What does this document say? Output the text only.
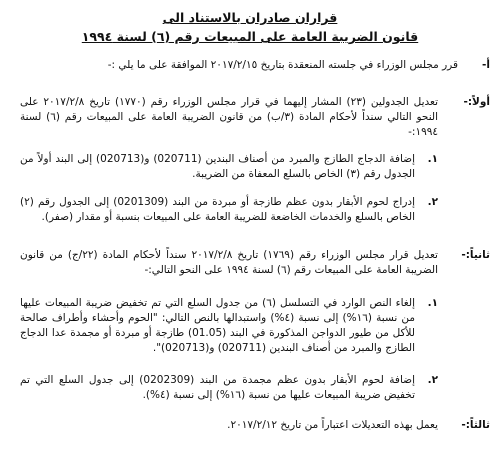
قراران صادران بالاستناد الى
قانون الضريبة العامة على المبيعات رقم (٦) لسنة ١٩٩٤
أ-
قرر مجلس الوزراء في جلسته المنعقدة بتاريخ ٢٠١٧/٢/١٥ الموافقة على ما يلي :-
أولاً:-
تعديل الجدولين (٢٣) المشار إليهما في قرار مجلس الوزراء رقم (١٧٧٠) تاريخ ٢٠١٧/٢/٨ على النحو التالي سنداً لأحكام المادة (٣/ب) من قانون الضريبة العامة على المبيعات رقم (٦) لسنة ١٩٩٤:-
١.
إضافة الدجاج الطازج والمبرد من أصناف البندين (020711) و(020713) إلى البند أولاً من الجدول رقم (٣) الخاص بالسلع المعفاة من الضريبة.
٢.
إدراج لحوم الأبقار بدون عظم طازجة أو مبردة من البند (0201309) إلى الجدول رقم (٢) الخاص بالسلع والخدمات الخاضعة للضريبة العامة على المبيعات بنسبة أو مقدار (صفر).
ثانياً:-
تعديل قرار مجلس الوزراء رقم (١٧٦٩) تاريخ ٢٠١٧/٢/٨ سنداً لأحكام المادة (٢٢/ج) من قانون الضريبة العامة على المبيعات رقم (٦) لسنة ١٩٩٤ على النحو التالي:-
١.
إلغاء النص الوارد في التسلسل (٦) من جدول السلع التي تم تخفيض ضريبة المبيعات عليها من نسبة (١٦%) إلى نسبة (٤%) واستبدالها بالنص التالي: "الحوم وأحشاء وأطراف صالحة للأكل من طيور الدواجن المذكورة في البند (01.05) طازجة أو مبردة أو مجمدة عدا الدجاج الطازج والمبرد من أصناف البندين (020711) و(020713)".
٢.
إضافة لحوم الأبقار بدون عظم مجمدة من البند (0202309) إلى جدول السلع التي تم تخفيض ضريبة المبيعات عليها من نسبة (١٦%) إلى نسبة (٤%).
ثالثاً:-
يعمل بهذه التعديلات اعتباراً من تاريخ ٢٠١٧/٢/١٢.
